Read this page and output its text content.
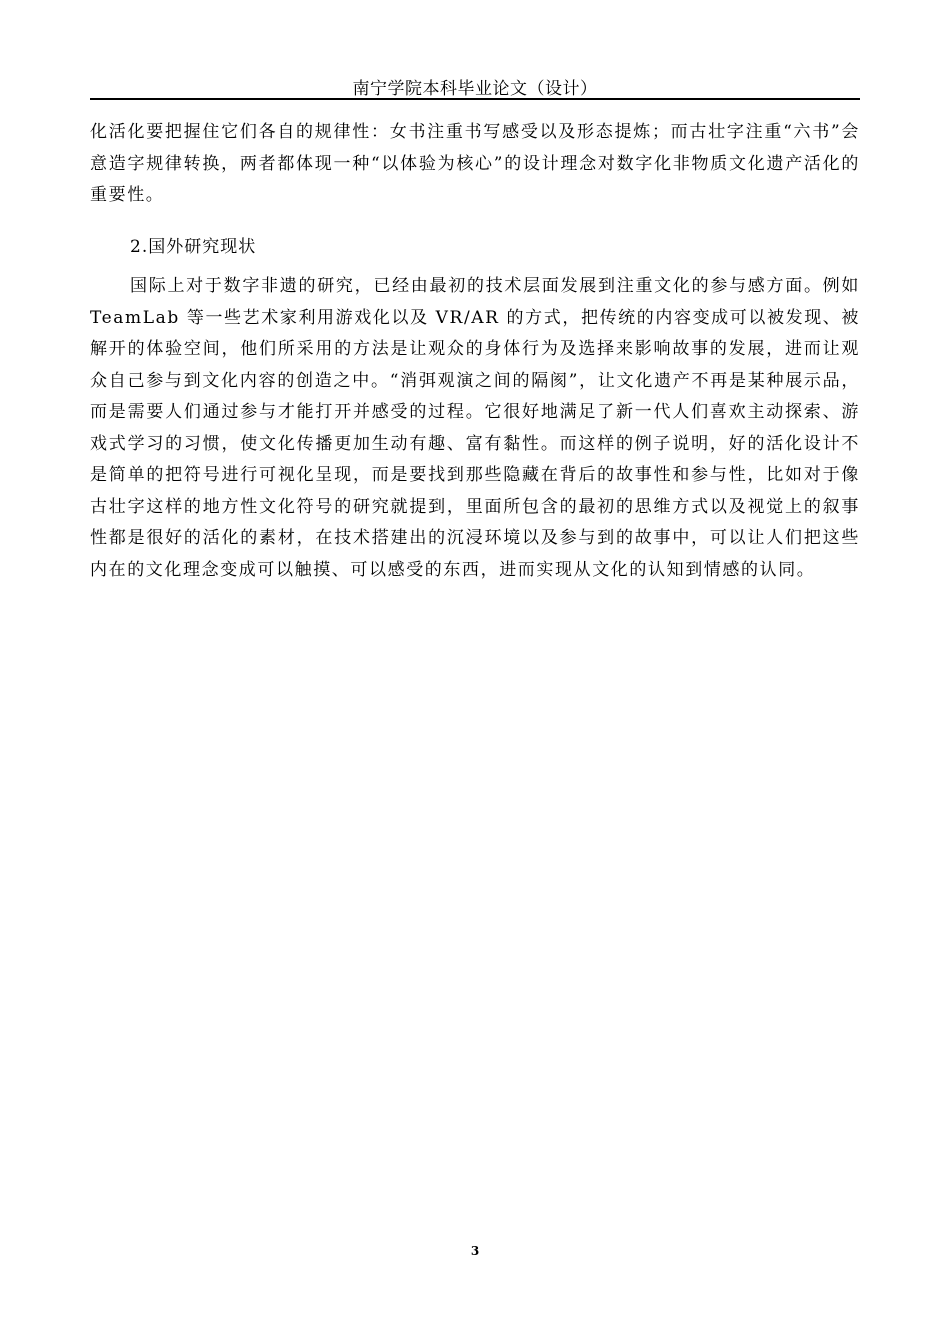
南宁学院本科毕业论文（设计）
化活化要把握住它们各自的规律性：女书注重书写感受以及形态提炼；而古壮字注重“六书”会意造字规律转换，两者都体现一种“以体验为核心”的设计理念对数字化非物质文化遗产活化的重要性。
2.国外研究现状
国际上对于数字非遗的研究，已经由最初的技术层面发展到注重文化的参与感方面。例如 TeamLab 等一些艺术家利用游戏化以及 VR/AR 的方式，把传统的内容变成可以被发现、被解开的体验空间，他们所采用的方法是让观众的身体行为及选择来影响故事的发展，进而让观众自己参与到文化内容的创造之中。“消弭观演之间的隔阂”，让文化遗产不再是某种展示品，而是需要人们通过参与才能打开并感受的过程。它很好地满足了新一代人们喜欢主动探索、游戏式学习的习惯，使文化传播更加生动有趣、富有黏性。而这样的例子说明，好的活化设计不是简单的把符号进行可视化呈现，而是要找到那些隐藏在背后的故事性和参与性，比如对于像古壮字这样的地方性文化符号的研究就提到，里面所包含的最初的思维方式以及视觉上的叙事性都是很好的活化的素材，在技术搭建出的沉浸环境以及参与到的故事中，可以让人们把这些内在的文化理念变成可以触摸、可以感受的东西，进而实现从文化的认知到情感的认同。
3
